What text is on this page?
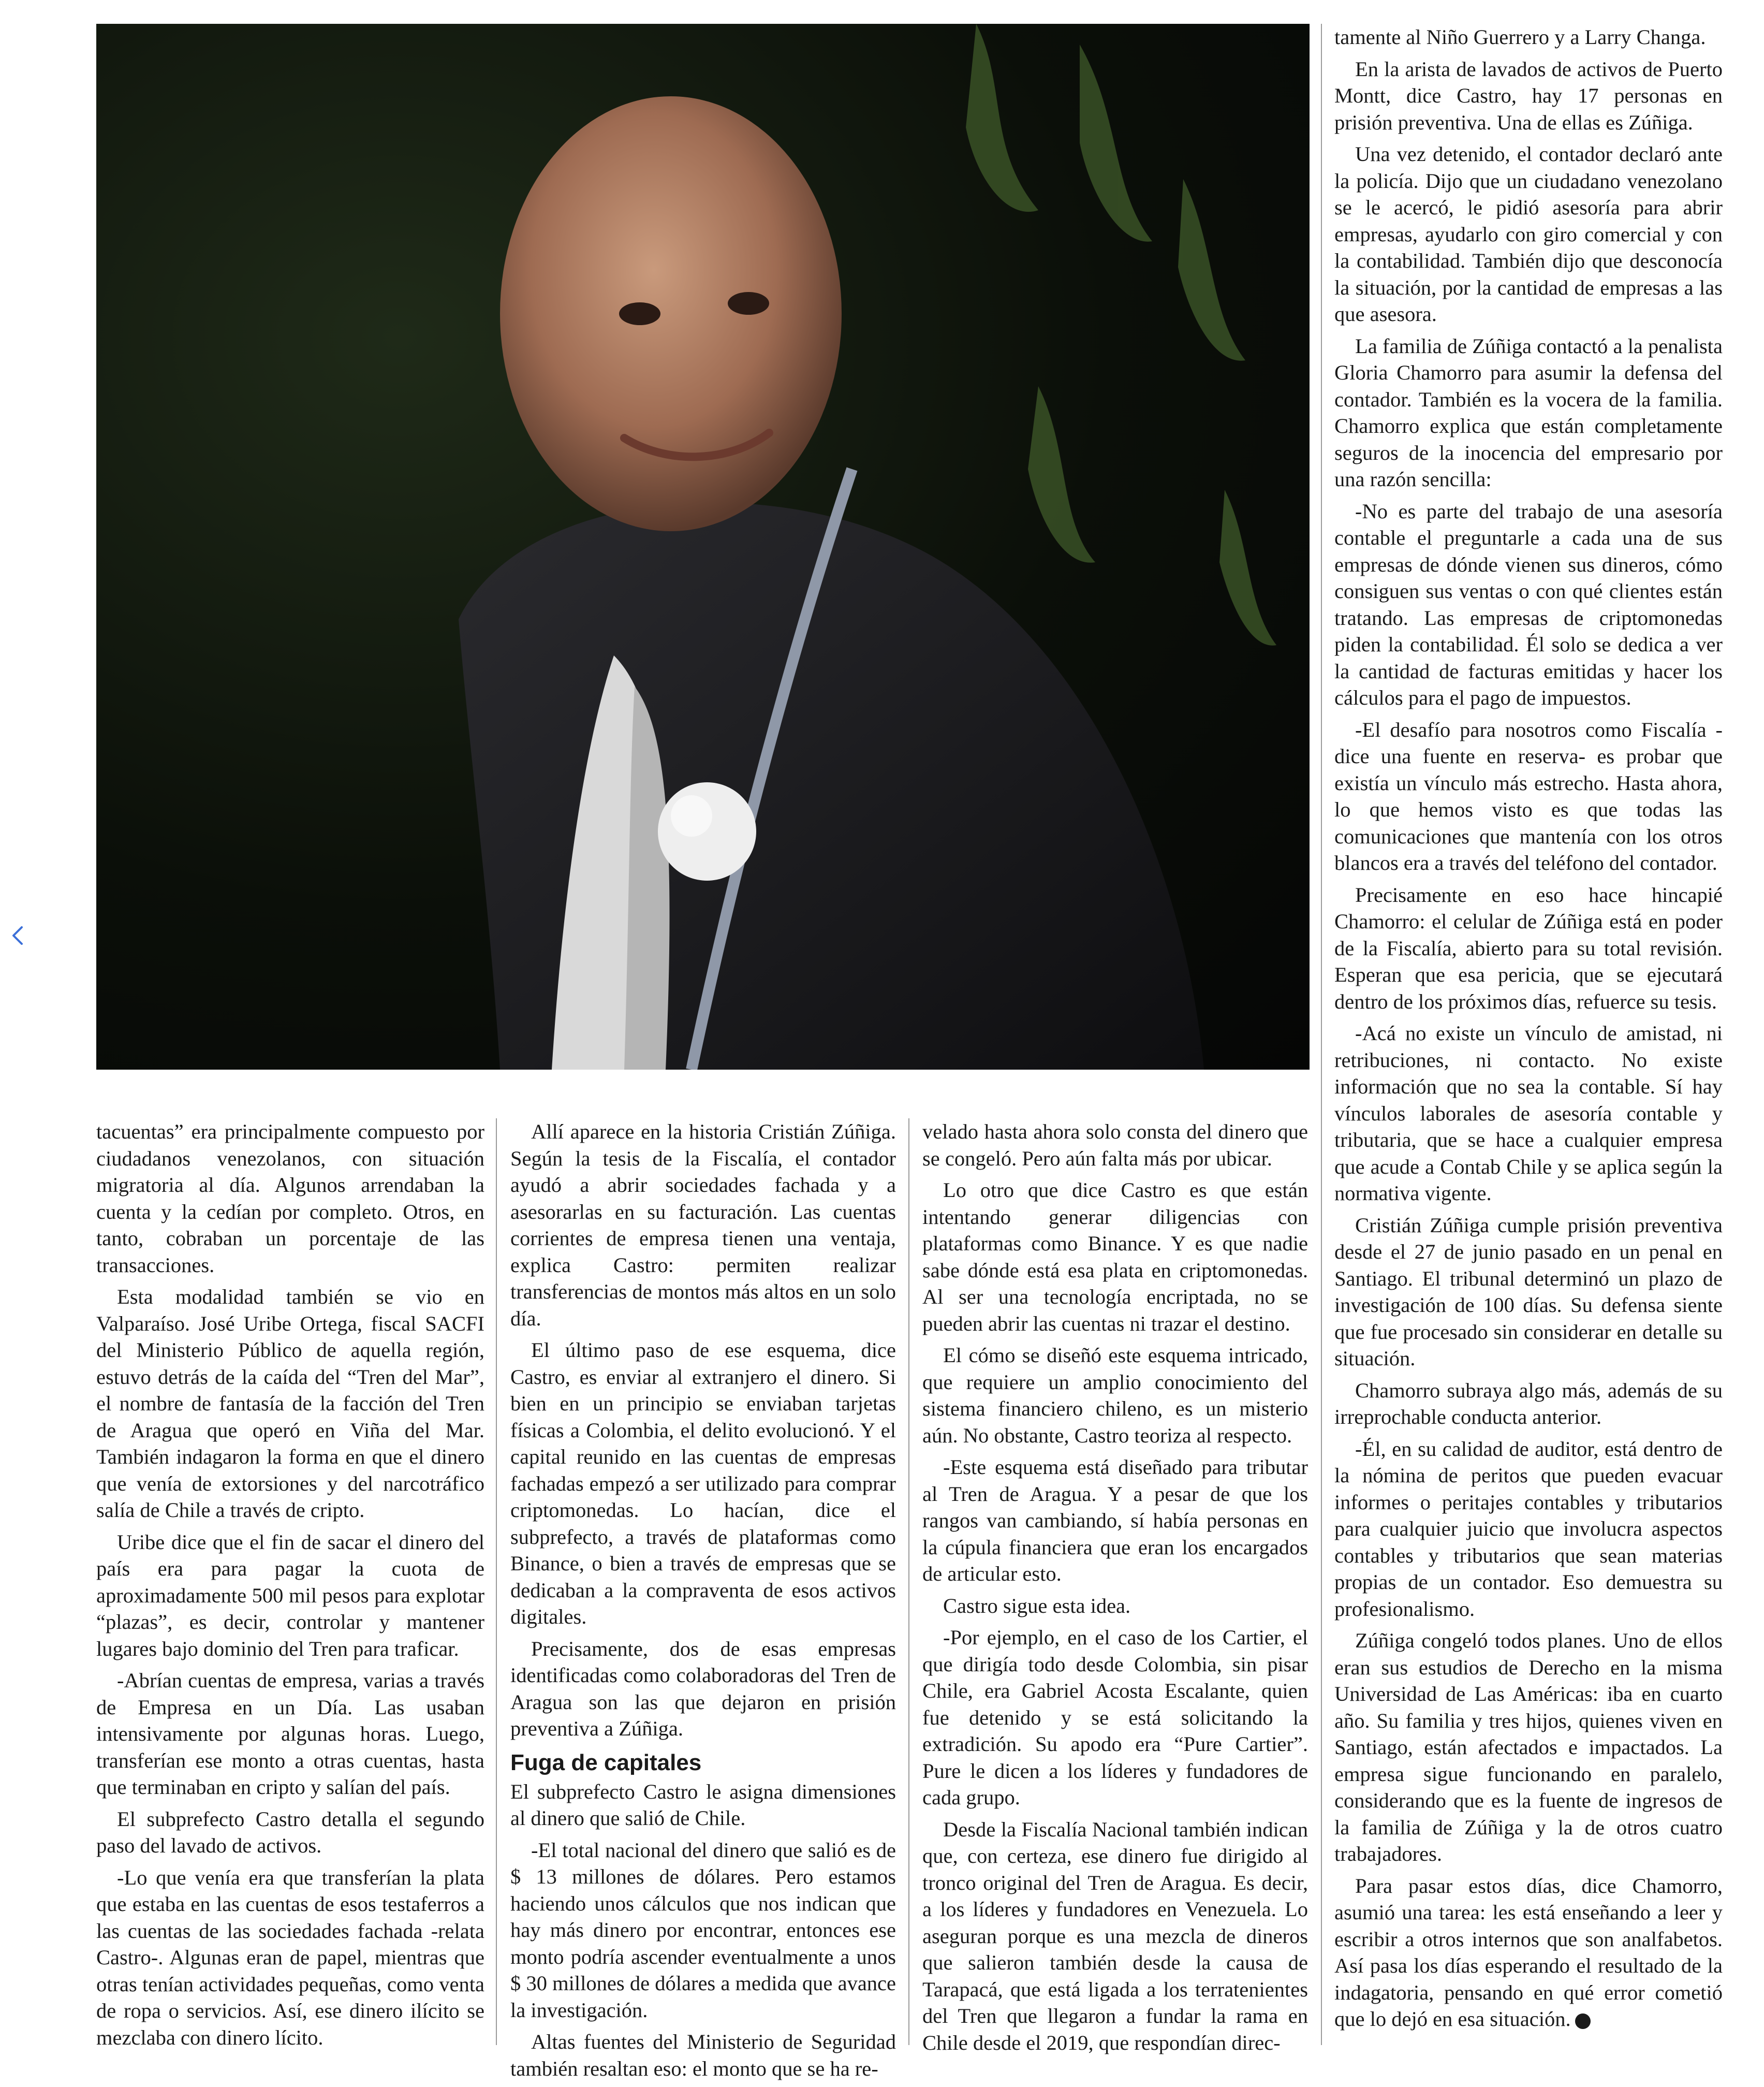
tacuentas” era principalmente compuesto por ciudadanos venezolanos, con situación migratoria al día. Algunos arrendaban la cuenta y la cedían por completo. Otros, en tanto, cobraban un porcentaje de las transacciones.

Esta modalidad también se vio en Valparaíso. José Uribe Ortega, fiscal SACFI del Ministerio Público de aquella región, estuvo detrás de la caída del “Tren del Mar”, el nombre de fantasía de la facción del Tren de Aragua que operó en Viña del Mar. También indagaron la forma en que el dinero que venía de extorsiones y del narcotráfico salía de Chile a través de cripto.

Uribe dice que el fin de sacar el dinero del país era para pagar la cuota de aproximadamente 500 mil pesos para explotar “plazas”, es decir, controlar y mantener lugares bajo dominio del Tren para traficar.

-Abrían cuentas de empresa, varias a través de Empresa en un Día. Las usaban intensivamente por algunas horas. Luego, transferían ese monto a otras cuentas, hasta que terminaban en cripto y salían del país.

El subprefecto Castro detalla el segundo paso del lavado de activos.

-Lo que venía era que transferían la plata que estaba en las cuentas de esos testaferros a las cuentas de las sociedades fachada -relata Castro-. Algunas eran de papel, mientras que otras tenían actividades pequeñas, como venta de ropa o servicios. Así, ese dinero ilícito se mezclaba con dinero lícito.

Allí aparece en la historia Cristián Zúñiga. Según la tesis de la Fiscalía, el contador ayudó a abrir sociedades fachada y a asesorarlas en su facturación. Las cuentas corrientes de empresa tienen una ventaja, explica Castro: permiten realizar transferencias de montos más altos en un solo día.

El último paso de ese esquema, dice Castro, es enviar al extranjero el dinero. Si bien en un principio se enviaban tarjetas físicas a Colombia, el delito evolucionó. Y el capital reunido en las cuentas de empresas fachadas empezó a ser utilizado para comprar criptomonedas. Lo hacían, dice el subprefecto, a través de plataformas como Binance, o bien a través de empresas que se dedicaban a la compraventa de esos activos digitales.

Precisamente, dos de esas empresas identificadas como colaboradoras del Tren de Aragua son las que dejaron en prisión preventiva a Zúñiga.

Fuga de capitales

El subprefecto Castro le asigna dimensiones al dinero que salió de Chile.

-El total nacional del dinero que salió es de $ 13 millones de dólares. Pero estamos haciendo unos cálculos que nos indican que hay más dinero por encontrar, entonces ese monto podría ascender eventualmente a unos $ 30 millones de dólares a medida que avance la investigación.

Altas fuentes del Ministerio de Seguridad también resaltan eso: el monto que se ha re-

velado hasta ahora solo consta del dinero que se congeló. Pero aún falta más por ubicar.

Lo otro que dice Castro es que están intentando generar diligencias con plataformas como Binance. Y es que nadie sabe dónde está esa plata en criptomonedas. Al ser una tecnología encriptada, no se pueden abrir las cuentas ni trazar el destino.

El cómo se diseñó este esquema intricado, que requiere un amplio conocimiento del sistema financiero chileno, es un misterio aún. No obstante, Castro teoriza al respecto.

-Este esquema está diseñado para tributar al Tren de Aragua. Y a pesar de que los rangos van cambiando, sí había personas en la cúpula financiera que eran los encargados de articular esto.

Castro sigue esta idea.

-Por ejemplo, en el caso de los Cartier, el que dirigía todo desde Colombia, sin pisar Chile, era Gabriel Acosta Escalante, quien fue detenido y se está solicitando la extradición. Su apodo era “Pure Cartier”. Pure le dicen a los líderes y fundadores de cada grupo.

Desde la Fiscalía Nacional también indican que, con certeza, ese dinero fue dirigido al tronco original del Tren de Aragua. Es decir, a los líderes y fundadores en Venezuela. Lo aseguran porque es una mezcla de dineros que salieron también desde la causa de Tarapacá, que está ligada a los terratenientes del Tren que llegaron a fundar la rama en Chile desde el 2019, que respondían direc-

tamente al Niño Guerrero y a Larry Changa.

En la arista de lavados de activos de Puerto Montt, dice Castro, hay 17 personas en prisión preventiva. Una de ellas es Zúñiga.

Una vez detenido, el contador declaró ante la policía. Dijo que un ciudadano venezolano se le acercó, le pidió asesoría para abrir empresas, ayudarlo con giro comercial y con la contabilidad. También dijo que desconocía la situación, por la cantidad de empresas a las que asesora.

La familia de Zúñiga contactó a la penalista Gloria Chamorro para asumir la defensa del contador. También es la vocera de la familia. Chamorro explica que están completamente seguros de la inocencia del empresario por una razón sencilla:

-No es parte del trabajo de una asesoría contable el preguntarle a cada una de sus empresas de dónde vienen sus dineros, cómo consiguen sus ventas o con qué clientes están tratando. Las empresas de criptomonedas piden la contabilidad. Él solo se dedica a ver la cantidad de facturas emitidas y hacer los cálculos para el pago de impuestos.

-El desafío para nosotros como Fiscalía -dice una fuente en reserva- es probar que existía un vínculo más estrecho. Hasta ahora, lo que hemos visto es que todas las comunicaciones que mantenía con los otros blancos era a través del teléfono del contador.

Precisamente en eso hace hincapié Chamorro: el celular de Zúñiga está en poder de la Fiscalía, abierto para su total revisión. Esperan que esa pericia, que se ejecutará dentro de los próximos días, refuerce su tesis.

-Acá no existe un vínculo de amistad, ni retribuciones, ni contacto. No existe información que no sea la contable. Sí hay vínculos laborales de asesoría contable y tributaria, que se hace a cualquier empresa que acude a Contab Chile y se aplica según la normativa vigente.

Cristián Zúñiga cumple prisión preventiva desde el 27 de junio pasado en un penal en Santiago. El tribunal determinó un plazo de investigación de 100 días. Su defensa siente que fue procesado sin considerar en detalle su situación.

Chamorro subraya algo más, además de su irreprochable conducta anterior.

-Él, en su calidad de auditor, está dentro de la nómina de peritos que pueden evacuar informes o peritajes contables y tributarios para cualquier juicio que involucra aspectos contables y tributarios que sean materias propias de un contador. Eso demuestra su profesionalismo.

Zúñiga congeló todos planes. Uno de ellos eran sus estudios de Derecho en la misma Universidad de Las Américas: iba en cuarto año. Su familia y tres hijos, quienes viven en Santiago, están afectados e impactados. La empresa sigue funcionando en paralelo, considerando que es la fuente de ingresos de la familia de Zúñiga y la de otros cuatro trabajadores.

Para pasar estos días, dice Chamorro, asumió una tarea: les está enseñando a leer y escribir a otros internos que son analfabetos. Así pasa los días esperando el resultado de la indagatoria, pensando en qué error cometió que lo dejó en esa situación.	D
